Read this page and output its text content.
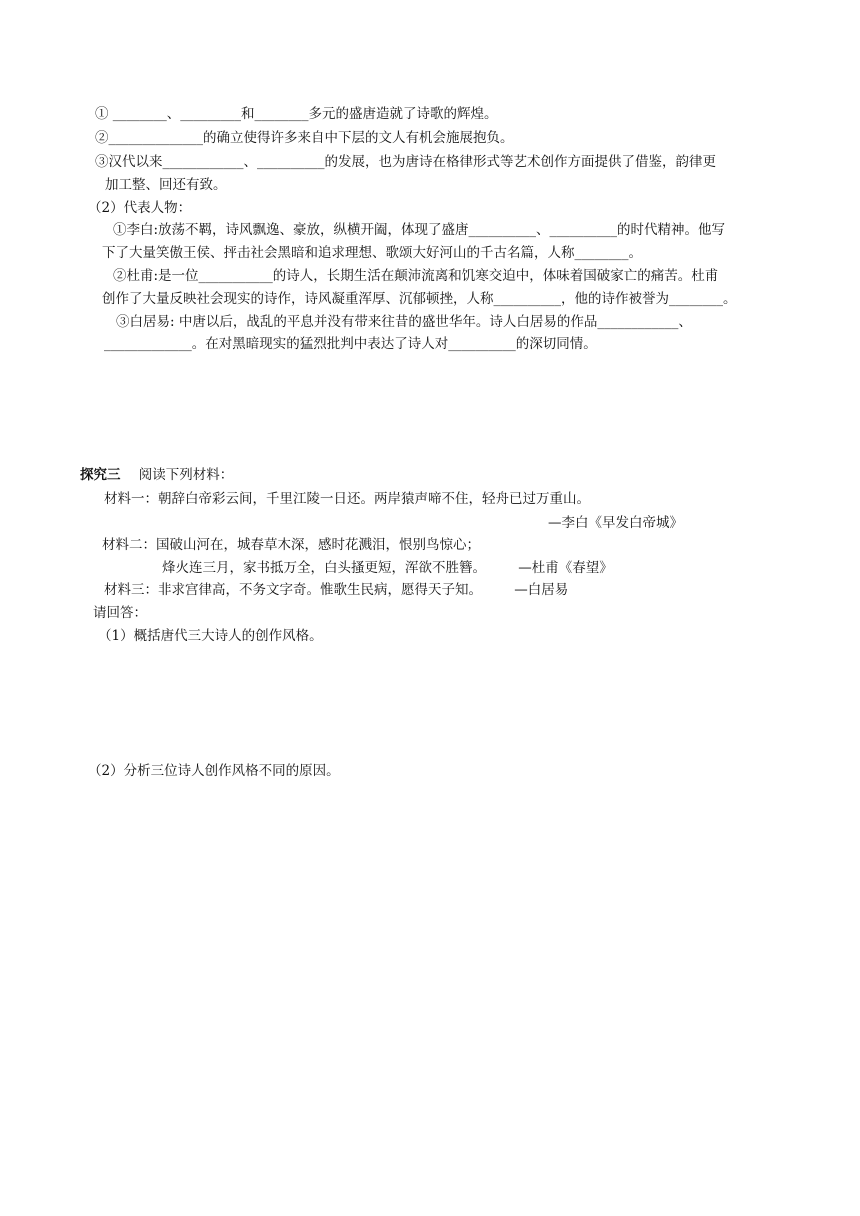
① ________、_________和________多元的盛唐造就了诗歌的辉煌。
②______________的确立使得许多来自中下层的文人有机会施展抱负。
③汉代以来____________、__________的发展，也为唐诗在格律形式等艺术创作方面提供了借鉴，韵律更
加工整、回还有致。
（2）代表人物：
①李白:放荡不羁，诗风飘逸、豪放，纵横开阖，体现了盛唐__________、__________的时代精神。他写
下了大量笑傲王侯、抨击社会黑暗和追求理想、歌颂大好河山的千古名篇，人称________。
②杜甫:是一位___________的诗人，长期生活在颠沛流离和饥寒交迫中，体味着国破家亡的痛苦。杜甫
创作了大量反映社会现实的诗作，诗风凝重浑厚、沉郁顿挫，人称__________，他的诗作被誉为________。
③白居易: 中唐以后，战乱的平息并没有带来往昔的盛世华年。诗人白居易的作品____________、
_____________。在对黑暗现实的猛烈批判中表达了诗人对__________的深切同情。
探究三 阅读下列材料：
材料一：朝辞白帝彩云间，千里江陵一日还。两岸猿声啼不住，轻舟已过万重山。
—李白《早发白帝城》
材料二：国破山河在，城春草木深，感时花溅泪，恨别鸟惊心；
烽火连三月，家书抵万全，白头搔更短，浑欲不胜簪。 —杜甫《春望》
材料三：非求宫律高，不务文字奇。惟歌生民病，愿得天子知。 —白居易
请回答：
（1）概括唐代三大诗人的创作风格。
（2）分析三位诗人创作风格不同的原因。
